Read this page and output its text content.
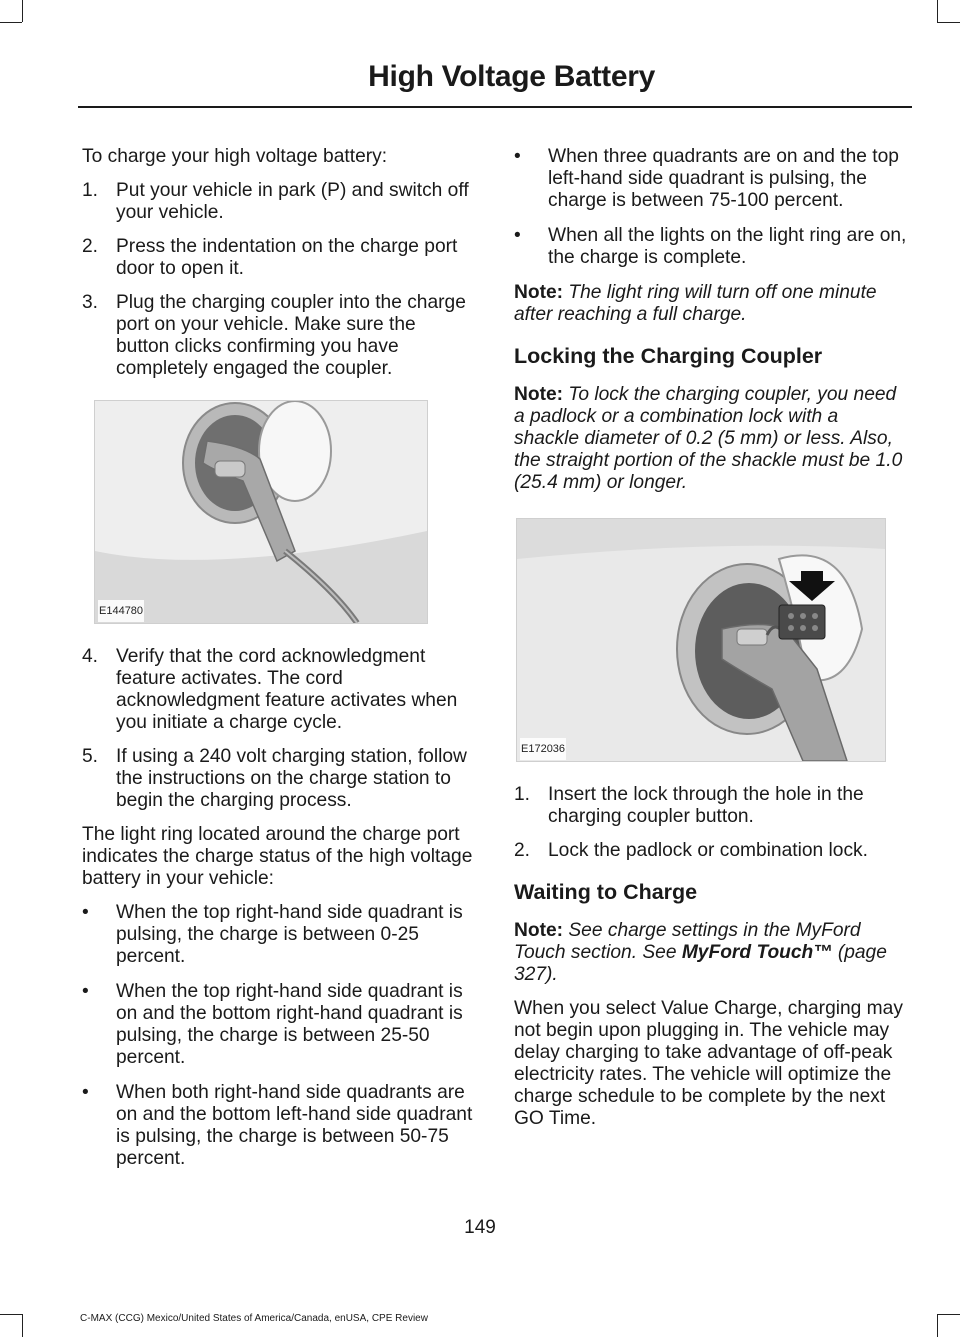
High Voltage Battery

To charge your high voltage battery:

1. Put your vehicle in park (P) and switch off your vehicle.
2. Press the indentation on the charge port door to open it.
3. Plug the charging coupler into the charge port on your vehicle. Make sure the button clicks confirming you have completely engaged the coupler.
E144780
4. Verify that the cord acknowledgment feature activates. The cord acknowledgment feature activates when you initiate a charge cycle.
5. If using a 240 volt charging station, follow the instructions on the charge station to begin the charging process.

The light ring located around the charge port indicates the charge status of the high voltage battery in your vehicle:

• When the top right-hand side quadrant is pulsing, the charge is between 0-25 percent.
• When the top right-hand side quadrant is on and the bottom right-hand quadrant is pulsing, the charge is between 25-50 percent.
• When both right-hand side quadrants are on and the bottom left-hand side quadrant is pulsing, the charge is between 50-75 percent.
• When three quadrants are on and the top left-hand side quadrant is pulsing, the charge is between 75-100 percent.
• When all the lights on the light ring are on, the charge is complete.

Note: The light ring will turn off one minute after reaching a full charge.

Locking the Charging Coupler

Note: To lock the charging coupler, you need a padlock or a combination lock with a shackle diameter of 0.2 (5 mm) or less. Also, the straight portion of the shackle must be 1.0 (25.4 mm) or longer.

E172036
1. Insert the lock through the hole in the charging coupler button.
2. Lock the padlock or combination lock.
Waiting to Charge

Note: See charge settings in the MyFord Touch section. See MyFord Touch™ (page 327).

When you select Value Charge, charging may not begin upon plugging in. The vehicle may delay charging to take advantage of off-peak electricity rates. The vehicle will optimize the charge schedule to be complete by the next GO Time.

149
C-MAX (CCG) Mexico/United States of America/Canada, enUSA, CPE Review
